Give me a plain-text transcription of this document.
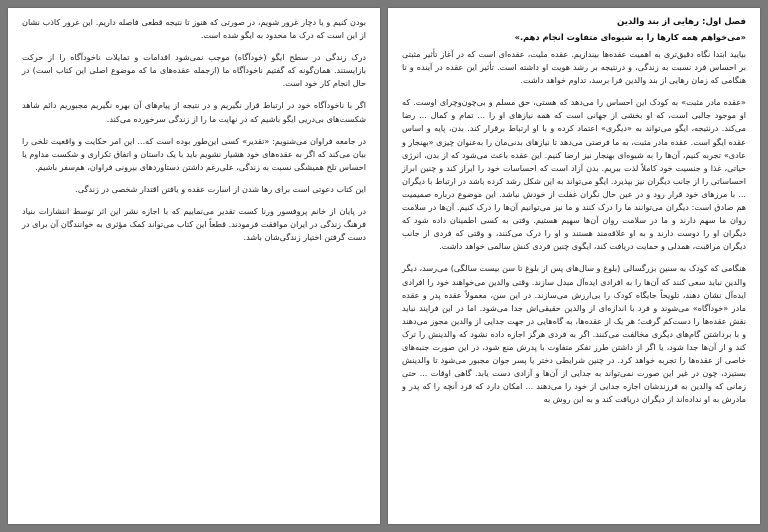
فصل اول: رهایی از بند والدین
«می‌خواهم همه کارها را به شیوه‌ای متفاوت انجام دهم.»

بیایید ابتدا نگاه دقیق‌تری به اهمیت عقده‌ها بیندازیم. عقده ملیت، عقده‌ای است که در آغاز تأثیر مثبتی بر احساس فرد نسبت به زندگی، و درنتیجه بر رشد هویت او داشته است. تأثیر این عقده در آینده و تا هنگامی که زمان رهایی از بند والدین فرا برسد، تداوم خواهد داشت.

«عقده مادر مثبت» به کودک این احساس را می‌دهد که هستی، حق مسلم و بی‌چون‌وچرای اوست. که او موجود جالبی است، که او بخشی از جهانی است که همه نیازهای او را ... تمام و کمال ... رضا می‌کند. درنتیجه، ایگو می‌تواند به «دیگری» اعتماد کرده و با او ارتباط برقرار کند. بدن، پایه و اساس عقده ایگو است. عقده مادر مثبت، به ما فرصتی می‌دهد تا نیازهای بدنی‌مان را به‌عنوان چیزی «بهنجار و عادی» تجربه کنیم، آن‌ها را به شیوه‌ای بهنجار نیز ارضا کنیم. این عقده باعث می‌شود که از بدن، انرژی حیاتی، غذا و جنسیت خود کاملاً لذت ببریم. بدن آزاد است که احساسات خود را ابراز کند و چنین ابراز احساساتی را از جانب دیگران نیز بپذیرد. ایگو می‌تواند به این شکل رشد کرده باشد در ارتباط با دیگران ... با مرزهای خود قرار رود و در عین حال نگران غفلت از خودش نباشد. این موضوع درباره صمیمیت هم صادق است: دیگران می‌توانند ما را درک کنند و ما نیز می‌توانیم آن‌ها را درک کنیم. آن‌ها در سلامت روان ما سهم دارند و ما در سلامت روان آن‌ها سهیم هستیم. وقتی به کسی اطمینان داده شود که دیگران او را دوست دارند و به او علاقه‌مند هستند و او را درک می‌کنند، و وقتی که فردی از جانب دیگران مراقبت، همدلی و حمایت دریافت کند، ایگوی چنین فردی کنش سالمی خواهد داشت.

هنگامی که کودک به سنین بزرگسالی (بلوغ و سال‌های پس از بلوغ تا سن بیست سالگی) می‌رسد، دیگر والدین نباید سعی کنند که آن‌ها را به افرادی ایده‌آل مبدل سازند. وقتی والدین می‌خواهند خود را افرادی ایده‌آل نشان دهند، تلویحاً جایگاه کودک را بی‌ارزش می‌سازند. در این سن، معمولاً عقده پدر و عقده مادر «خودآگاه» می‌شوند و فرد با اندازه‌ای از والدین حقیقی‌اش جدا می‌شود. اما در این فرایند نباید نقش عقده‌ها را دست‌کم گرفت؛ هر یک از عقده‌ها، به گاه‌هایی در جهت جدایی از والدین مجوز می‌دهند و با برداشتن گام‌های دیگری مخالفت می‌کنند. اگر به فردی هرگز اجازه داده نشود که والدینش را ترک کند و از آن‌ها جدا شود، یا اگر از داشتن طرز تفکر متفاوت با پدرش منع شود، در این صورت جنبه‌های خاصی از عقده‌ها را تجربه خواهد کرد. در چنین شرایطی دختر یا پسر جوان مجبور می‌شود تا والدینش بستیزد، چون در غیر این صورت نمی‌تواند به جدایی از آن‌ها و آزادی دست یابد. گاهی اوقات ... حتی زمانی که والدین به فرزندشان اجازه جدایی از خود را می‌دهند ... امکان دارد که فرد آنچه را که پدر و مادرش به او نداده‌اند از دیگران دریافت کند و به این روش به

بودن کنیم و یا دچار غرور شویم، در صورتی که هنوز تا نتیجه قطعی فاصله داریم. این غرور کاذب نشان از این است که درک ما محدود به ایگو شده است.

درک زندگی در سطح ایگو (خودآگاه) موجب نمی‌شود اقدامات و تمایلات ناخودآگاه را از حرکت بازایستند. همان‌گونه که گفتیم ناخودآگاه ما (ازجمله عقده‌های ما که موضوع اصلی این کتاب است) در حال انجام کار خود است.

اگر با ناخودآگاه خود در ارتباط قرار نگیریم و در نتیجه از پیام‌های آن بهره نگیریم مجبوریم دائم شاهد شکست‌های بی‌دریی ایگو باشیم که در نهایت ما را از زندگی سرخورده می‌کند.

در جامعه فراوان می‌شنویم: «تقدیر» کسی این‌طور بوده است که... این امر حکایت و واقعیت تلخی را بیان می‌کند که اگر به عقده‌های خود هشیار نشویم باید با یک داستان و اتفاق تکراری و شکست مداوم یا احساس تلخ همیشگی نسبت به زندگی، علی‌رغم داشتن دستاوردهای بیرونی فراوان، هم‌سفر باشیم.

این کتاب دعوتی است برای رها شدن از اسارت عقده و یافتن اقتدار شخصی در زندگی.

در پایان از خانم پروفسور ورنا کست تقدیر می‌نماییم که با اجازه نشر این اثر توسط انتشارات بنیاد فرهنگ زندگی در ایران موافقت فرمودند. قطعاً این کتاب می‌تواند کمک مؤثری به خوانندگان آن برای در دست گرفتن اختیار زندگی‌شان باشد.
